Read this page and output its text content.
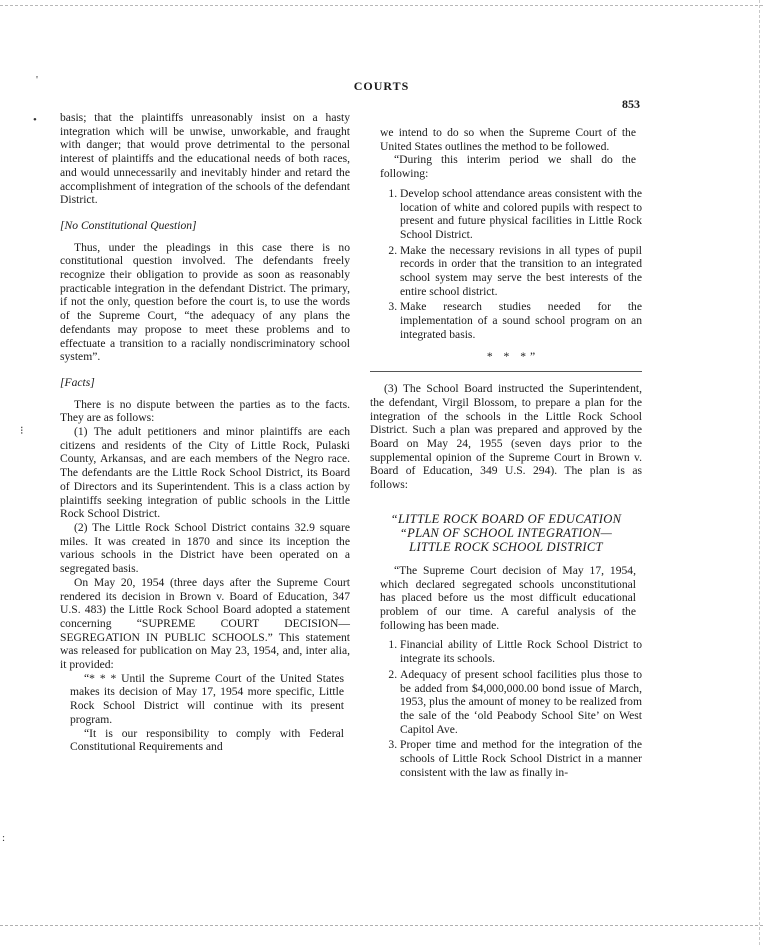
'
•
⁝
:
COURTS
853

basis; that the plaintiffs unreasonably insist on a hasty integration which will be unwise, unworkable, and fraught with danger; that would prove detrimental to the personal interest of plaintiffs and the educational needs of both races, and would unnecessarily and inevitably hinder and retard the accomplishment of integration of the schools of the defendant District.

[No Constitutional Question]

Thus, under the pleadings in this case there is no constitutional question involved. The defendants freely recognize their obligation to provide as soon as reasonably practicable integration in the defendant District. The primary, if not the only, question before the court is, to use the words of the Supreme Court, “the adequacy of any plans the defendants may propose to meet these problems and to effectuate a transition to a racially nondiscriminatory school system”.

[Facts]

There is no dispute between the parties as to the facts. They are as follows:

(1) The adult petitioners and minor plaintiffs are each citizens and residents of the City of Little Rock, Pulaski County, Arkansas, and are each members of the Negro race. The defendants are the Little Rock School District, its Board of Directors and its Superintendent. This is a class action by plaintiffs seeking integration of public schools in the Little Rock School District.

(2) The Little Rock School District contains 32.9 square miles. It was created in 1870 and since its inception the various schools in the District have been operated on a segregated basis.

On May 20, 1954 (three days after the Supreme Court rendered its decision in Brown v. Board of Education, 347 U.S. 483) the Little Rock School Board adopted a statement concerning “SUPREME COURT DECISION—SEGREGATION IN PUBLIC SCHOOLS.” This statement was released for publication on May 23, 1954, and, inter alia, it provided:

“* * * Until the Supreme Court of the United States makes its decision of May 17, 1954 more specific, Little Rock School District will continue with its present program.

“It is our responsibility to comply with Federal Constitutional Requirements and

we intend to do so when the Supreme Court of the United States outlines the method to be followed.

“During this interim period we shall do the following:

1. Develop school attendance areas consistent with the location of white and colored pupils with respect to present and future physical facilities in Little Rock School District.
2. Make the necessary revisions in all types of pupil records in order that the transition to an integrated school system may serve the best interests of the entire school district.
3. Make research studies needed for the implementation of a sound school program on an integrated basis.

* * *”

(3) The School Board instructed the Superintendent, the defendant, Virgil Blossom, to prepare a plan for the integration of the schools in the Little Rock School District. Such a plan was prepared and approved by the Board on May 24, 1955 (seven days prior to the supplemental opinion of the Supreme Court in Brown v. Board of Education, 349 U.S. 294). The plan is as follows:

“LITTLE ROCK BOARD OF EDUCATION
“PLAN OF SCHOOL INTEGRATION—
LITTLE ROCK SCHOOL DISTRICT

“The Supreme Court decision of May 17, 1954, which declared segregated schools unconstitutional has placed before us the most difficult educational problem of our time. A careful analysis of the following has been made.

1. Financial ability of Little Rock School District to integrate its schools.
2. Adequacy of present school facilities plus those to be added from $4,000,000.00 bond issue of March, 1953, plus the amount of money to be realized from the sale of the ‘old Peabody School Site’ on West Capitol Ave.
3. Proper time and method for the integration of the schools of Little Rock School District in a manner consistent with the law as finally in-
